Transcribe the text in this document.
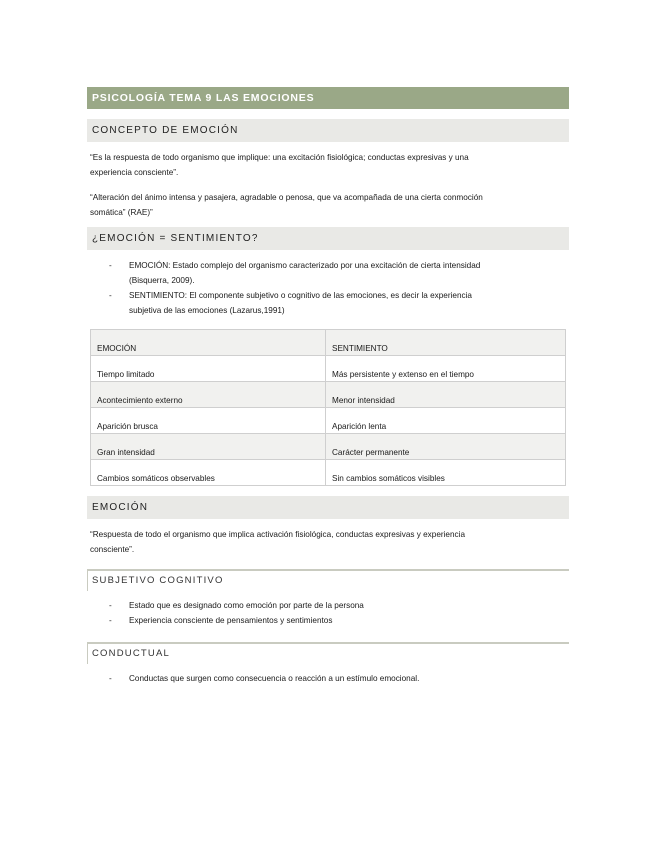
PSICOLOGÍA TEMA 9 LAS EMOCIONES
CONCEPTO DE EMOCIÓN

“Es la respuesta de todo organismo que implique: una excitación fisiológica; conductas expresivas y una
experiencia consciente”.

“Alteración del ánimo intensa y pasajera, agradable o penosa, que va acompañada de una cierta conmoción
somática” (RAE)”

¿EMOCIÓN = SENTIMIENTO?
- EMOCIÓN: Estado complejo del organismo caracterizado por una excitación de cierta intensidad
(Bisquerra, 2009).
- SENTIMIENTO: El componente subjetivo o cognitivo de las emociones, es decir la experiencia
subjetiva de las emociones (Lazarus,1991)
EMOCIÓN	SENTIMIENTO
Tiempo limitado	Más persistente y extenso en el tiempo
Acontecimiento externo	Menor intensidad
Aparición brusca	Aparición lenta
Gran intensidad	Carácter permanente
Cambios somáticos observables	Sin cambios somáticos visibles
EMOCIÓN

“Respuesta de todo el organismo que implica activación fisiológica, conductas expresivas y experiencia
consciente”.

SUBJETIVO COGNITIVO
- Estado que es designado como emoción por parte de la persona
- Experiencia consciente de pensamientos y sentimientos
CONDUCTUAL
- Conductas que surgen como consecuencia o reacción a un estímulo emocional.
